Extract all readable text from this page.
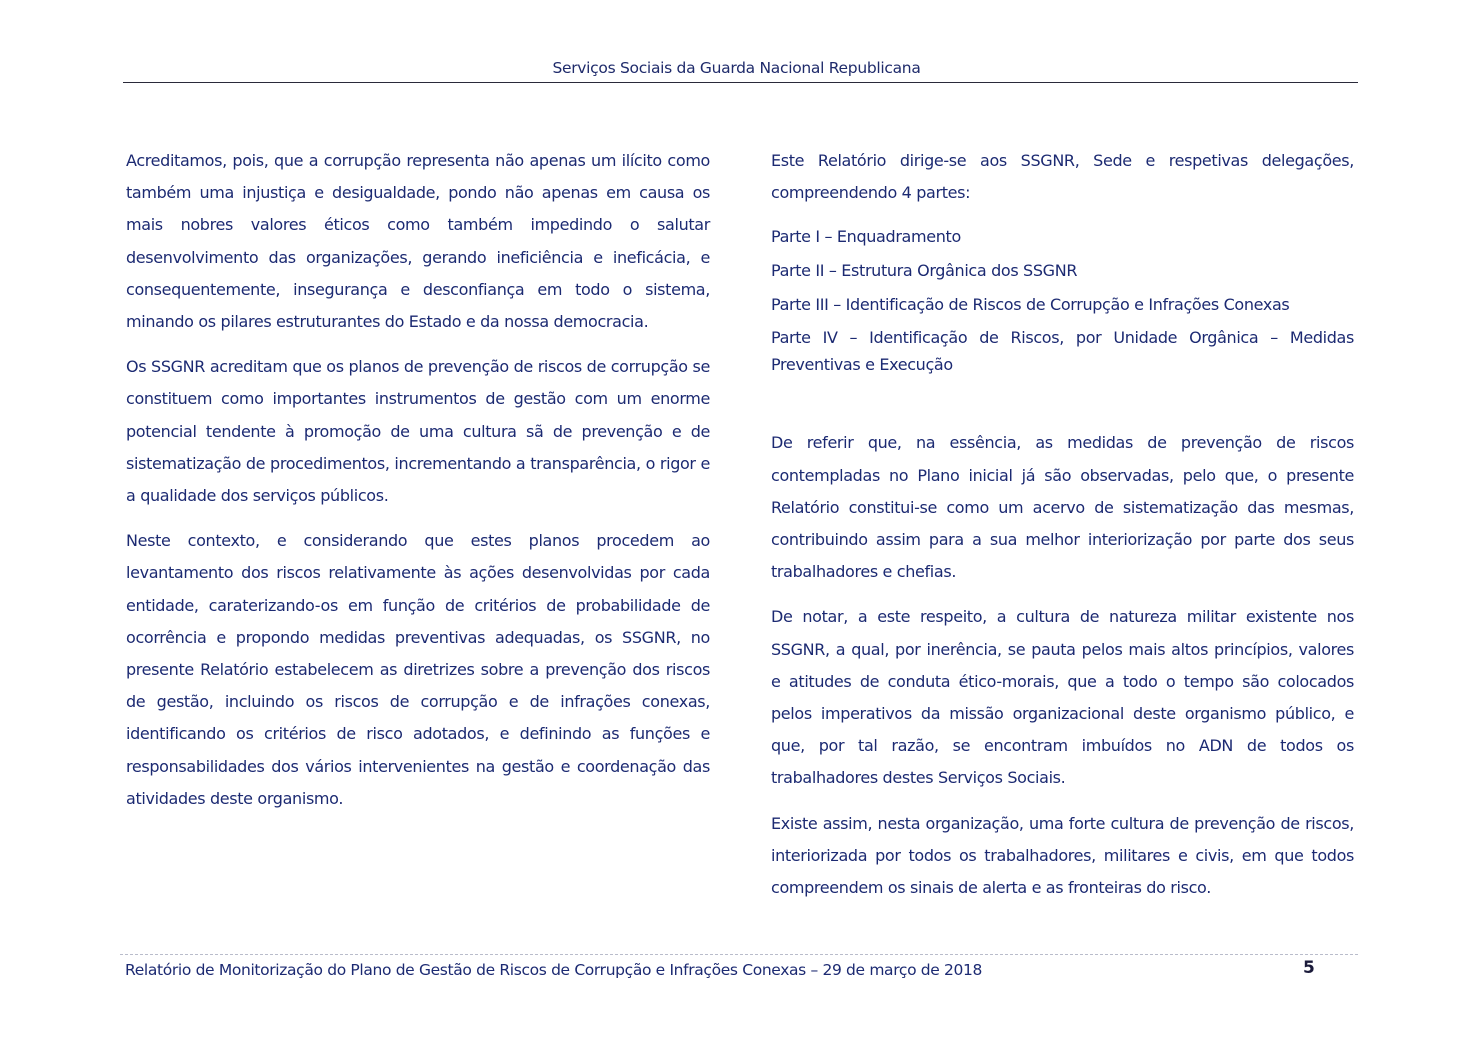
Serviços Sociais da Guarda Nacional Republicana

Acreditamos, pois, que a corrupção representa não apenas um ilícito como também uma injustiça e desigualdade, pondo não apenas em causa os mais nobres valores éticos como também impedindo o salutar desenvolvimento das organizações, gerando ineficiência e ineficácia, e consequentemente, insegurança e desconfiança em todo o sistema, minando os pilares estruturantes do Estado e da nossa democracia.

Os SSGNR acreditam que os planos de prevenção de riscos de corrupção se constituem como importantes instrumentos de gestão com um enorme potencial tendente à promoção de uma cultura sã de prevenção e de sistematização de procedimentos, incrementando a transparência, o rigor e a qualidade dos serviços públicos.

Neste contexto, e considerando que estes planos procedem ao levantamento dos riscos relativamente às ações desenvolvidas por cada entidade, caraterizando-os em função de critérios de probabilidade de ocorrência e propondo medidas preventivas adequadas, os SSGNR, no presente Relatório estabelecem as diretrizes sobre a prevenção dos riscos de gestão, incluindo os riscos de corrupção e de infrações conexas, identificando os critérios de risco adotados, e definindo as funções e responsabilidades dos vários intervenientes na gestão e coordenação das atividades deste organismo.

Este Relatório dirige-se aos SSGNR, Sede e respetivas delegações, compreendendo 4 partes:

Parte I – Enquadramento

Parte II – Estrutura Orgânica dos SSGNR

Parte III – Identificação de Riscos de Corrupção e Infrações Conexas

Parte IV – Identificação de Riscos, por Unidade Orgânica – Medidas Preventivas e Execução

De referir que, na essência, as medidas de prevenção de riscos contempladas no Plano inicial já são observadas, pelo que, o presente Relatório constitui-se como um acervo de sistematização das mesmas, contribuindo assim para a sua melhor interiorização por parte dos seus trabalhadores e chefias.

De notar, a este respeito, a cultura de natureza militar existente nos SSGNR, a qual, por inerência, se pauta pelos mais altos princípios, valores e atitudes de conduta ético-morais, que a todo o tempo são colocados pelos imperativos da missão organizacional deste organismo público, e que, por tal razão, se encontram imbuídos no ADN de todos os trabalhadores destes Serviços Sociais.

Existe assim, nesta organização, uma forte cultura de prevenção de riscos, interiorizada por todos os trabalhadores, militares e civis, em que todos compreendem os sinais de alerta e as fronteiras do risco.

Relatório de Monitorização do Plano de Gestão de Riscos de Corrupção e Infrações Conexas – 29 de março de 2018	5
